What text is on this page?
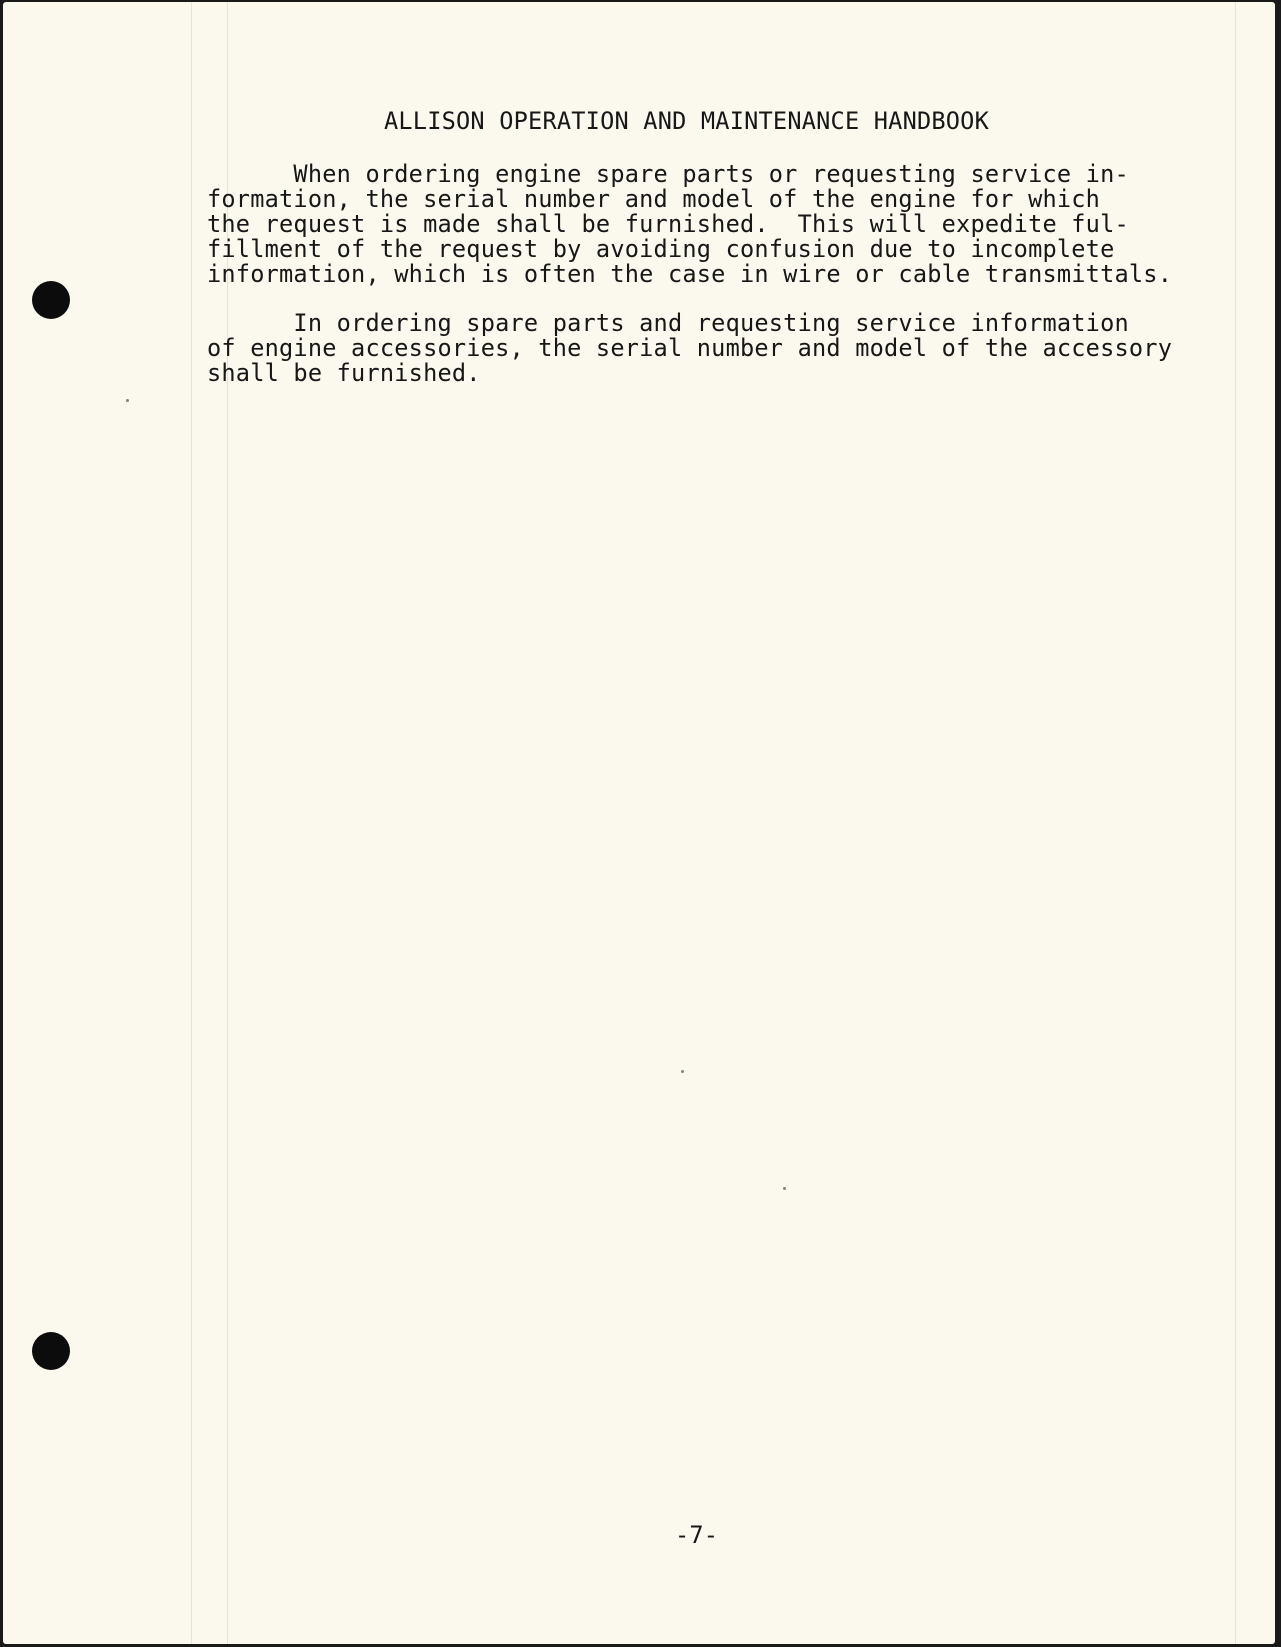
ALLISON OPERATION AND MAINTENANCE HANDBOOK
When ordering engine spare parts or requesting service in-
formation, the serial number and model of the engine for which
the request is made shall be furnished.  This will expedite ful-
fillment of the request by avoiding confusion due to incomplete
information, which is often the case in wire or cable transmittals.
In ordering spare parts and requesting service information
of engine accessories, the serial number and model of the accessory
shall be furnished.
-7-
